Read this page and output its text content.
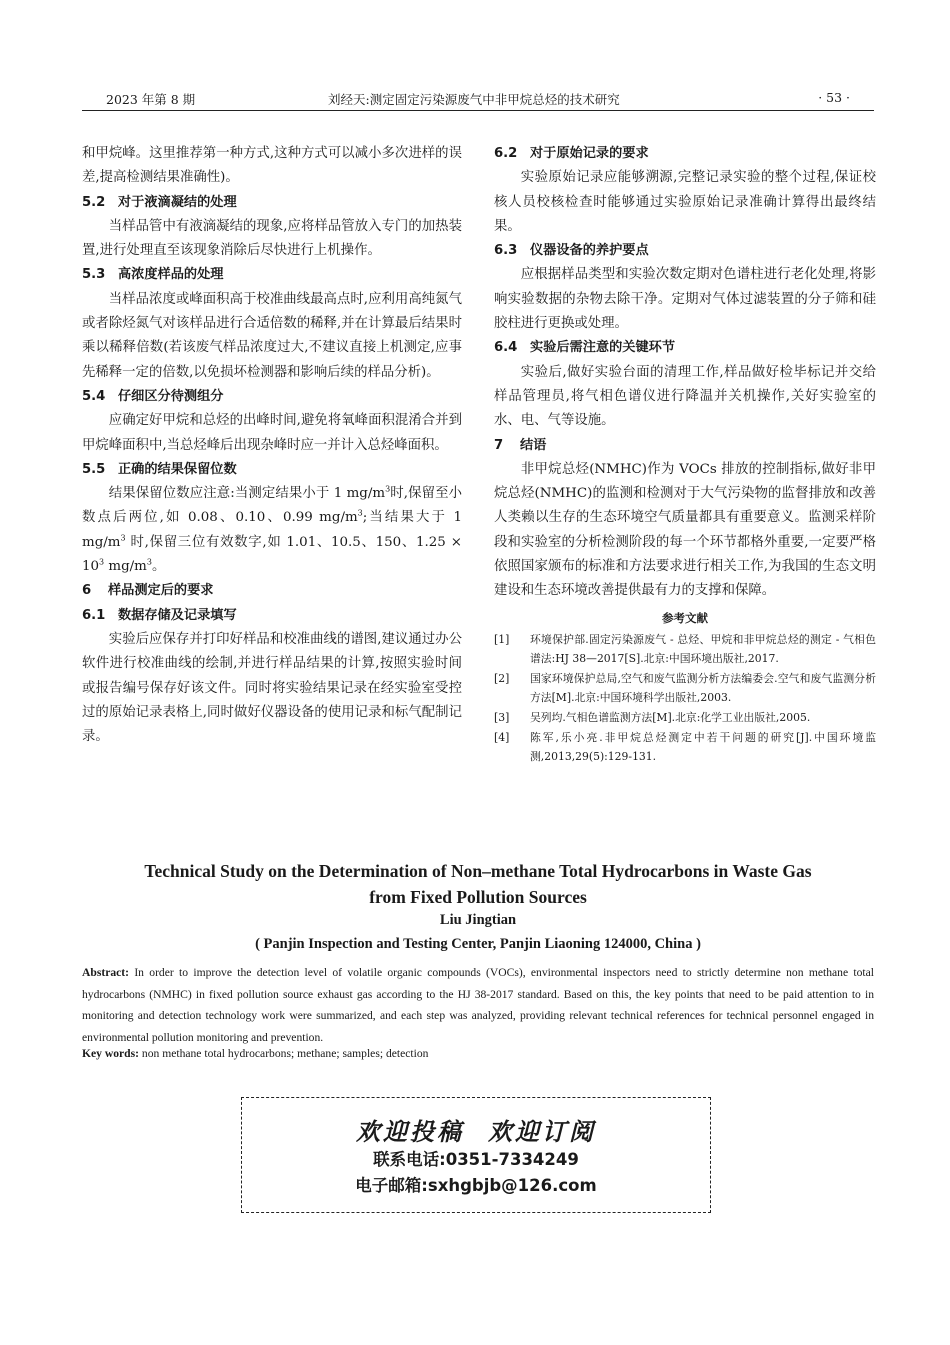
2023 年第 8 期	刘经天:测定固定污染源废气中非甲烷总烃的技术研究	· 53 ·

和甲烷峰。这里推荐第一种方式,这种方式可以减小多次进样的误差,提高检测结果准确性)。

5.2 对于液滴凝结的处理

当样品管中有液滴凝结的现象,应将样品管放入专门的加热装置,进行处理直至该现象消除后尽快进行上机操作。

5.3 高浓度样品的处理

当样品浓度或峰面积高于校准曲线最高点时,应利用高纯氮气或者除烃氮气对该样品进行合适倍数的稀释,并在计算最后结果时乘以稀释倍数(若该废气样品浓度过大,不建议直接上机测定,应事先稀释一定的倍数,以免损坏检测器和影响后续的样品分析)。

5.4 仔细区分待测组分

应确定好甲烷和总烃的出峰时间,避免将氧峰面积混淆合并到甲烷峰面积中,当总烃峰后出现杂峰时应一并计入总烃峰面积。

5.5 正确的结果保留位数

结果保留位数应注意:当测定结果小于 1 $mg/m^3$时,保留至小数点后两位,如 0.08、0.10、0.99 $mg/m^3$;当结果大于 1 $mg/m^3$ 时,保留三位有效数字,如 1.01、10.5、150、$1.25 \times 10^3$ $mg/m^3$。

6 样品测定后的要求

6.1 数据存储及记录填写

实验后应保存并打印好样品和校准曲线的谱图,建议通过办公软件进行校准曲线的绘制,并进行样品结果的计算,按照实验时间或报告编号保存好该文件。同时将实验结果记录在经实验室受控过的原始记录表格上,同时做好仪器设备的使用记录和标气配制记录。

6.2 对于原始记录的要求

实验原始记录应能够溯源,完整记录实验的整个过程,保证校核人员校核检查时能够通过实验原始记录准确计算得出最终结果。

6.3 仪器设备的养护要点

应根据样品类型和实验次数定期对色谱柱进行老化处理,将影响实验数据的杂物去除干净。定期对气体过滤装置的分子筛和硅胶柱进行更换或处理。

6.4 实验后需注意的关键环节

实验后,做好实验台面的清理工作,样品做好检毕标记并交给样品管理员,将气相色谱仪进行降温并关机操作,关好实验室的水、电、气等设施。

7 结语

非甲烷总烃(NMHC)作为 VOCs 排放的控制指标,做好非甲烷总烃(NMHC)的监测和检测对于大气污染物的监督排放和改善人类赖以生存的生态环境空气质量都具有重要意义。监测采样阶段和实验室的分析检测阶段的每一个环节都格外重要,一定要严格依照国家颁布的标准和方法要求进行相关工作,为我国的生态文明建设和生态环境改善提供最有力的支撑和保障。

参考文献
[1]	环境保护部.固定污染源废气 - 总烃、甲烷和非甲烷总烃的测定 - 气相色谱法:HJ 38—2017[S].北京:中国环境出版社,2017.
[2]	国家环境保护总局,空气和废气监测分析方法编委会.空气和废气监测分析方法[M].北京:中国环境科学出版社,2003.
[3]	吴列均.气相色谱监测方法[M].北京:化学工业出版社,2005.
[4]	陈军,乐小亮.非甲烷总烃测定中若干问题的研究[J].中国环境监测,2013,29(5):129-131.
Technical Study on the Determination of Non–methane Total Hydrocarbons in Waste Gas
from Fixed Pollution Sources
Liu Jingtian
( Panjin Inspection and Testing Center, Panjin Liaoning 124000, China )
Abstract: In order to improve the detection level of volatile organic compounds (VOCs), environmental inspectors need to strictly determine non methane total hydrocarbons (NMHC) in fixed pollution source exhaust gas according to the HJ 38-2017 standard. Based on this, the key points that need to be paid attention to in monitoring and detection technology work were summarized, and each step was analyzed, providing relevant technical references for technical personnel engaged in environmental pollution monitoring and prevention.
Key words: non methane total hydrocarbons; methane; samples; detection
欢迎投稿 欢迎订阅
联系电话:0351-7334249
电子邮箱:sxhgbjb@126.com
